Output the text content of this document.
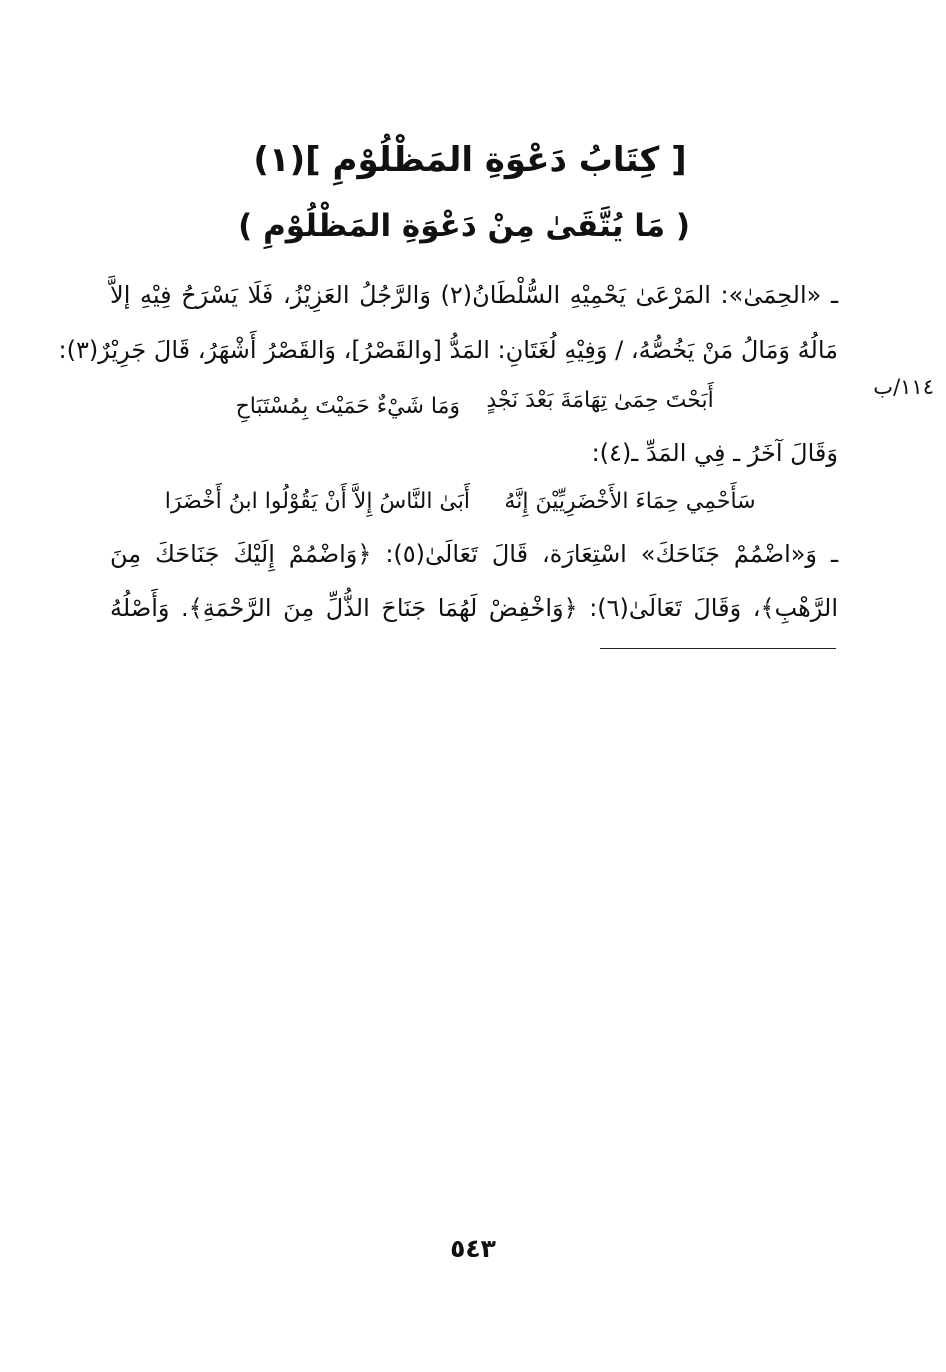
[ كِتَابُ دَعْوَةِ المَظْلُوْمِ ](١)
( مَا يُتَّقَىٰ مِنْ دَعْوَةِ المَظْلُوْمِ )
١١٤/ب
ـ «الحِمَىٰ»: المَرْعَىٰ يَحْمِيْهِ السُّلْطَانُ(٢) وَالرَّجُلُ العَزِيْزُ، فَلَا يَسْرَحُ فِيْهِ إلاَّ
مَالُهُ وَمَالُ مَنْ يَخُصُّهُ، / وَفِيْهِ لُغَتَانِ: المَدُّ [والقَصْرُ]، وَالقَصْرُ أَشْهَرُ، قَالَ جَرِيْرٌ(٣):
أَبَحْتَ حِمَىٰ تِهَامَةَ بَعْدَ نَجْدٍ
وَمَا شَيْءٌ حَمَيْتَ بِمُسْتَبَاحِ
وَقَالَ آخَرُ ـ فِي المَدِّ ـ(٤):
سَأَحْمِي حِمَاءَ الأَخْضَرِيِّيْنَ إِنَّهُ
أَبَىٰ النَّاسُ إِلاَّ أَنْ يَقُوْلُوا ابنُ أَخْضَرَا
ـ وَ«اضْمُمْ جَنَاحَكَ» اسْتِعَارَة، قَالَ تَعَالَىٰ(٥): ﴿وَاضْمُمْ إِلَيْكَ جَنَاحَكَ مِنَ
الرَّهْبِ﴾، وَقَالَ تَعَالَىٰ(٦): ﴿وَاخْفِضْ لَهُمَا جَنَاحَ الذُّلِّ مِنَ الرَّحْمَةِ﴾. وَأَصْلُهُ
٥٤٣
